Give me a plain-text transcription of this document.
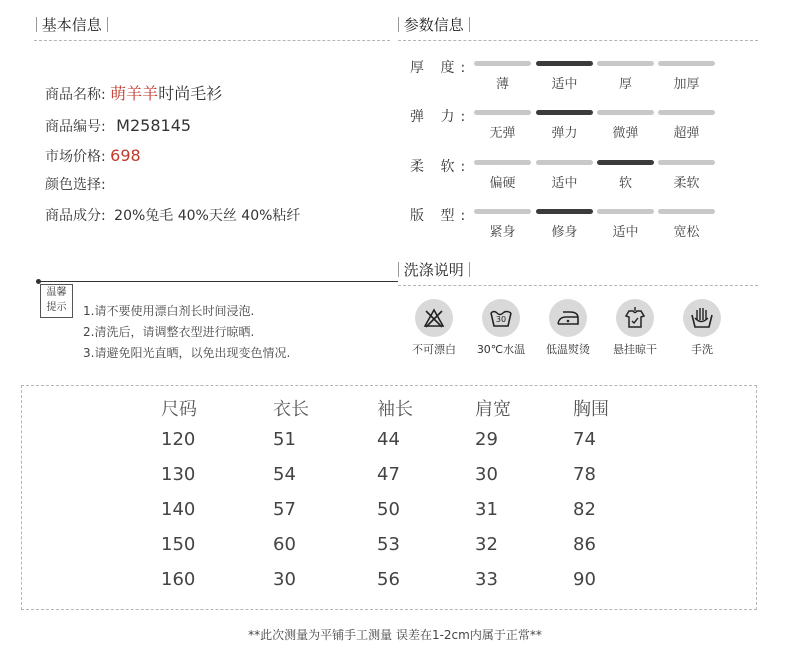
基本信息
商品名称: 萌羊羊时尚毛衫
商品编号: M258145
市场价格: 698
颜色选择:
商品成分: 20%兔毛 40%天丝 40%粘纤
参数信息
厚 度:
薄	适中	厚	加厚
弹 力:
无弹	弹力	微弹	超弹
柔 软:
偏硬	适中	软	柔软
版 型:
紧身	修身	适中	宽松
温馨
提示	1.请不要使用漂白剂长时间浸泡.
2.清洗后，请调整衣型进行晾晒.
3.请避免阳光直晒，以免出现变色情况.
洗涤说明
30
不可漂白	30℃水温	低温熨烫	悬挂晾干	手洗
尺码	衣长	袖长	肩宽	胸围
120	51	44	29	74
130	54	47	30	78
140	57	50	31	82
150	60	53	32	86
160	30	56	33	90
**此次测量为平铺手工测量 误差在1-2cm内属于正常**
